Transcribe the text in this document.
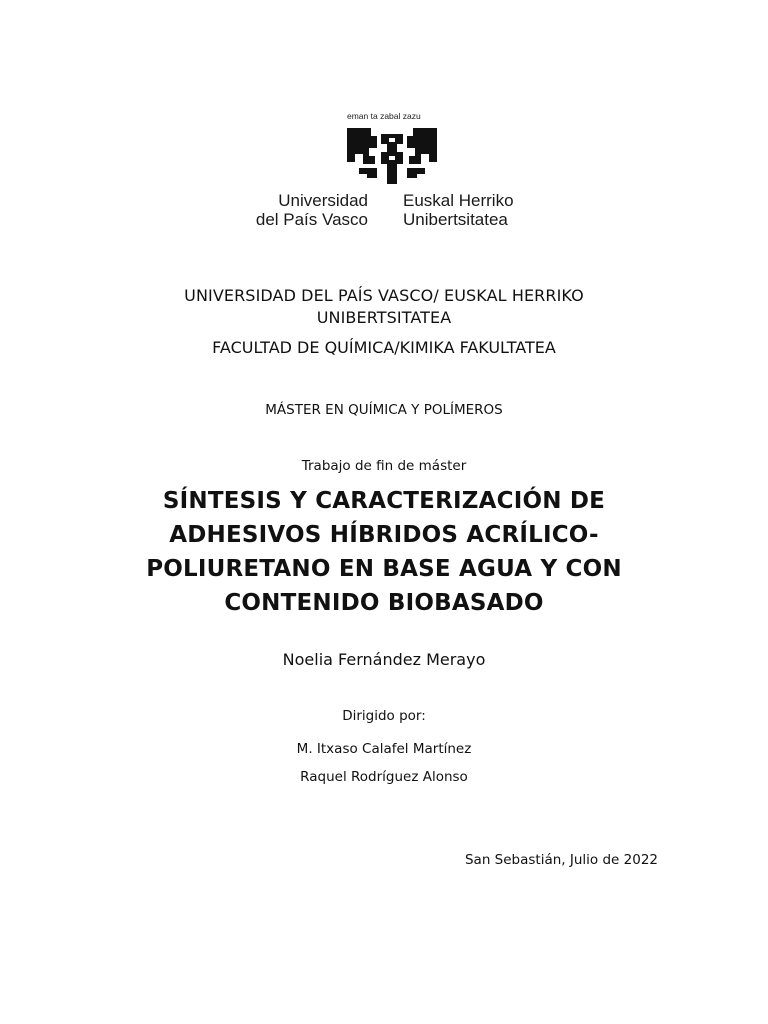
eman ta zabal zazu
Universidad
del País Vasco
Euskal Herriko
Unibertsitatea
UNIVERSIDAD DEL PAÍS VASCO/ EUSKAL HERRIKO
UNIBERTSITATEA
FACULTAD DE QUÍMICA/KIMIKA FAKULTATEA
MÁSTER EN QUÍMICA Y POLÍMEROS
Trabajo de fin de máster
SÍNTESIS Y CARACTERIZACIÓN DE
ADHESIVOS HÍBRIDOS ACRÍLICO-
POLIURETANO EN BASE AGUA Y CON
CONTENIDO BIOBASADO
Noelia Fernández Merayo
Dirigido por:
M. Itxaso Calafel Martínez
Raquel Rodríguez Alonso
San Sebastián, Julio de 2022
